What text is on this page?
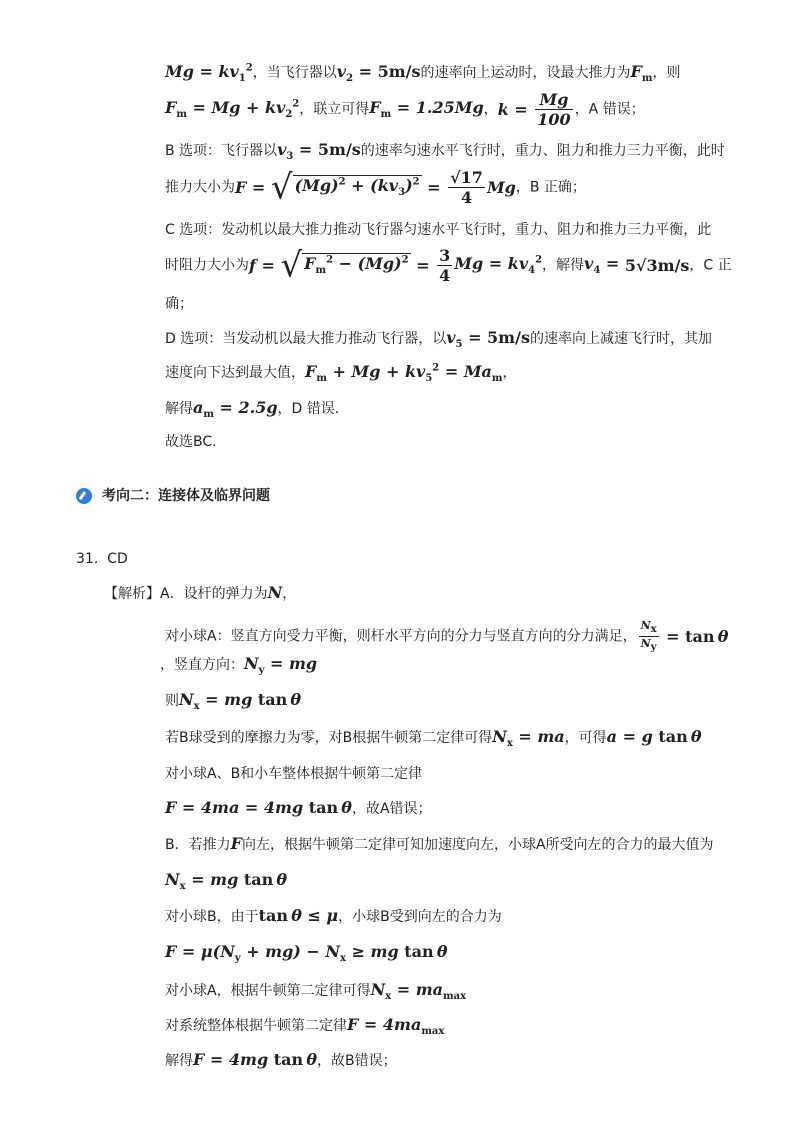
$Mg = kv_1^2$，当飞行器以$v_2 = 5m/s$的速率向上运动时，设最大推力为$F_m$，则
$F_m = Mg + kv_2^2$，联立可得$F_m = 1.25Mg$，$k = \frac{Mg}{100}$ ，A 错误；
B 选项：飞行器以$v_3 = 5m/s$的速率匀速水平飞行时，重力、阻力和推力三力平衡，此时
推力大小为F = √ $(Mg)^2 + (kv_3)^2 = \frac{√17}{4}$ Mg，B 正确；
C 选项：发动机以最大推力推动飞行器匀速水平飞行时，重力、阻力和推力三力平衡，此
时阻力大小为f = √ $F_m^2 - (Mg)^2 = \frac{3}{4}$ $Mg = kv_4^2$，解得$v_4 = 5√3m/s$，C 正
确；
D 选项：当发动机以最大推力推动飞行器，以$v_5 = 5m/s$的速率向上减速飞行时，其加
速度向下达到最大值，$F_m + Mg + kv_5^2 = Ma_m$，
解得$a_m = 2.5g$，D 错误．
故选BC.
考向二：连接体及临界问题
31. CD
【解析】A．设杆的弹力为N，
对小球A：竖直方向受力平衡，则杆水平方向的分力与竖直方向的分力满足， $\frac{N_x}{N_y} = \tan \theta$
，竖直方向：$N_y$ = mg
则$N_x$ = mg tan θ
若B球受到的摩擦力为零，对B根据牛顿第二定律可得$N_x$ = ma，可得a = g tan θ
对小球A、B和小车整体根据牛顿第二定律
F = 4ma = 4mg tan θ，故A错误；
B．若推力F向左，根据牛顿第二定律可知加速度向左，小球A所受向左的合力的最大值为
$N_x$ = mg tan θ
对小球B，由于tan θ ≤ μ，小球B受到向左的合力为
$F = \mu(N_y + mg) - N_x$ ≥ mg tan θ
对小球A，根据牛顿第二定律可得$N_x = ma_{max}$
对系统整体根据牛顿第二定律$F = 4ma_{max}$
解得F = 4mg tan θ，故B错误；
